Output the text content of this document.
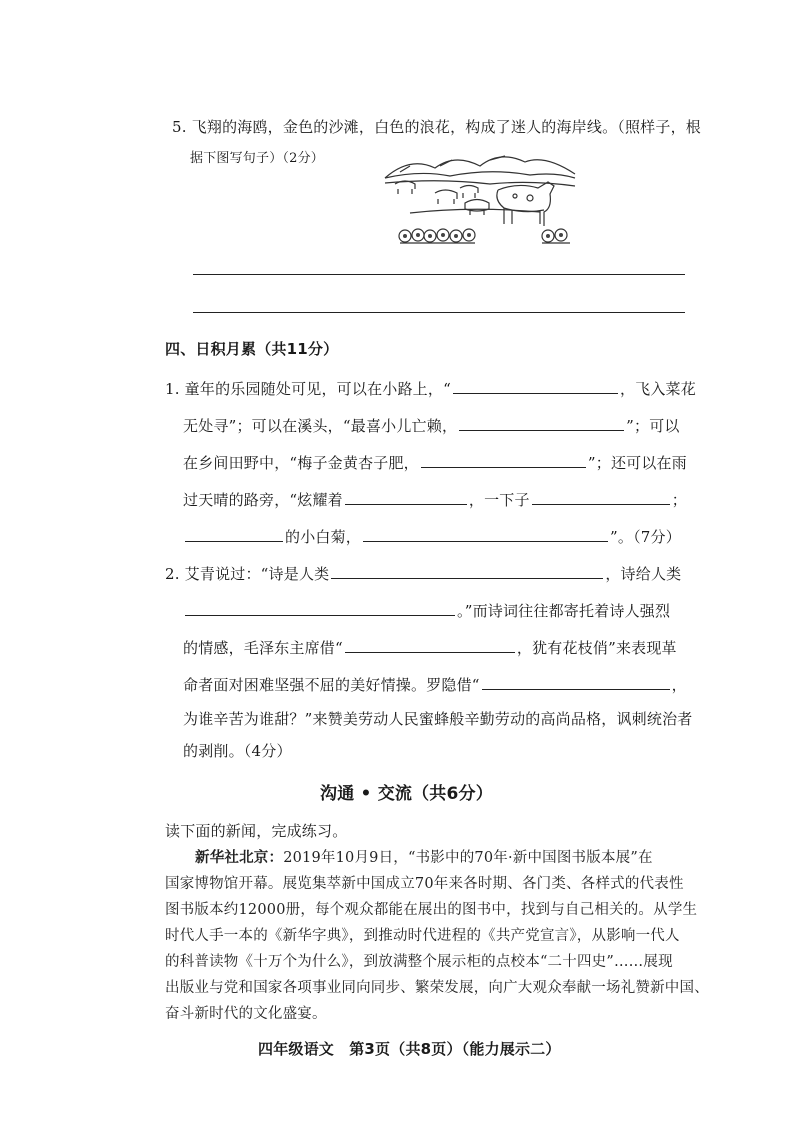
5. 飞翔的海鸥，金色的沙滩，白色的浪花，构成了迷人的海岸线。（照样子，根
据下图写句子）（2分）
四、日积月累（共11分）
1. 童年的乐园随处可见，可以在小路上，“	，飞入菜花
无处寻”；可以在溪头，“最喜小儿亡赖，	”；可以
在乡间田野中，“梅子金黄杏子肥，	”；还可以在雨
过天晴的路旁，“炫耀着	，一下子	；
的小白菊，	”。（7分）
2. 艾青说过：“诗是人类	，诗给人类
。”而诗词往往都寄托着诗人强烈
的情感，毛泽东主席借“	，犹有花枝俏”来表现革
命者面对困难坚强不屈的美好情操。罗隐借“	，
为谁辛苦为谁甜？”来赞美劳动人民蜜蜂般辛勤劳动的高尚品格，讽刺统治者
的剥削。（4分）
沟通 • 交流（共6分）
读下面的新闻，完成练习。
新华社北京：2019年10月9日，“书影中的70年·新中国图书版本展”在
国家博物馆开幕。展览集萃新中国成立70年来各时期、各门类、各样式的代表性
图书版本约12000册，每个观众都能在展出的图书中，找到与自己相关的。从学生
时代人手一本的《新华字典》，到推动时代进程的《共产党宣言》，从影响一代人
的科普读物《十万个为什么》，到放满整个展示柜的点校本“二十四史”……展现
出版业与党和国家各项事业同向同步、繁荣发展，向广大观众奉献一场礼赞新中国、
奋斗新时代的文化盛宴。
四年级语文　第3页（共8页）（能力展示二）
